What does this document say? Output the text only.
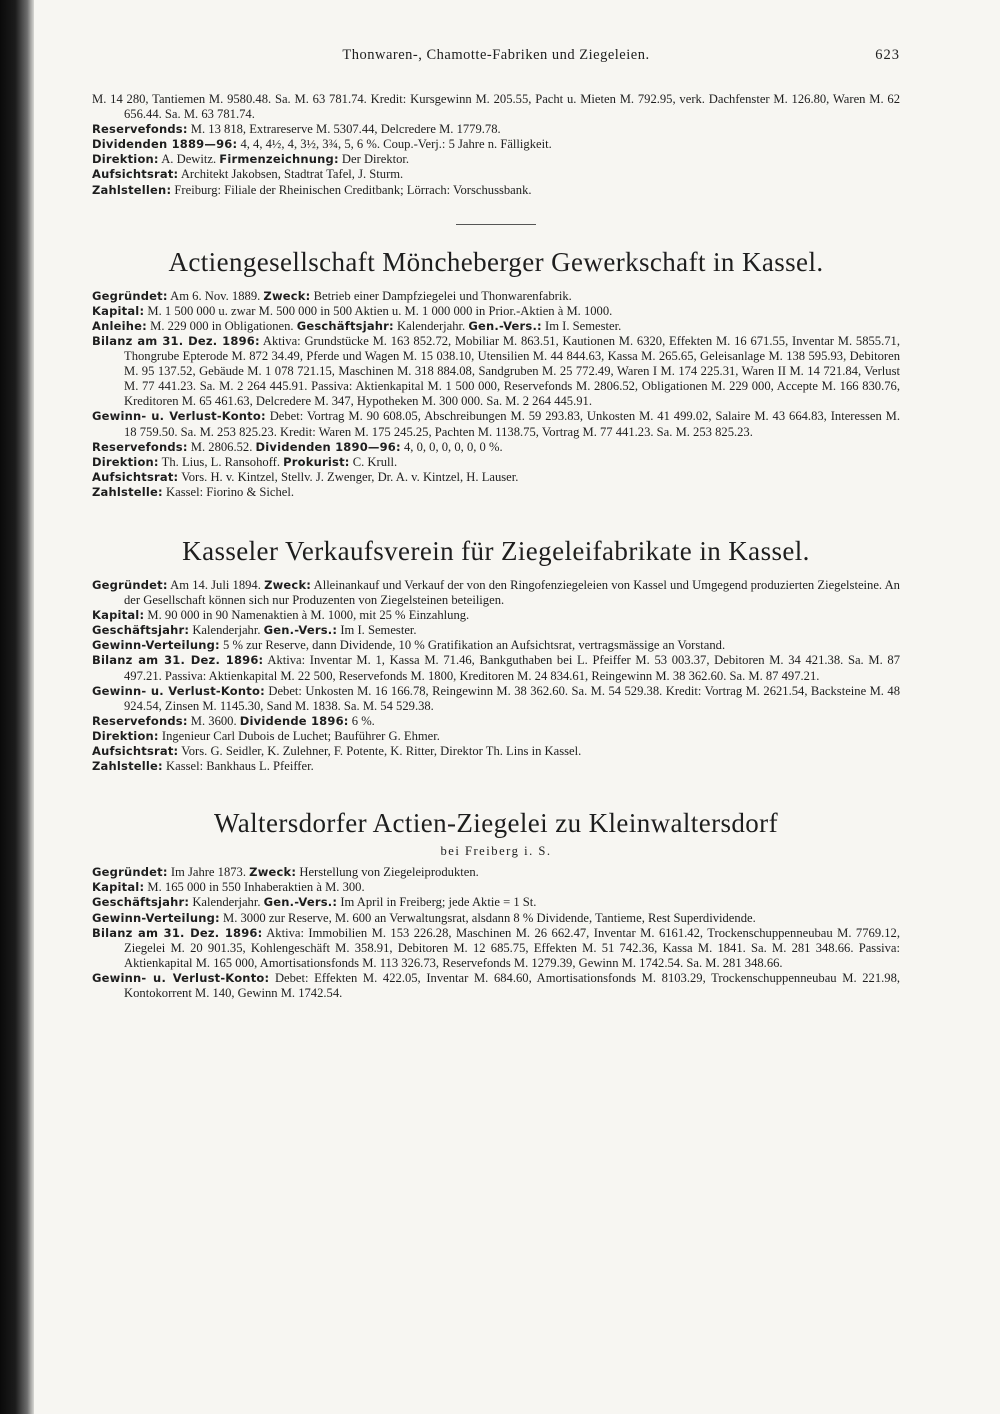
Thonwaren-, Chamotte-Fabriken und Ziegeleien.	623

M. 14 280, Tantiemen M. 9580.48. Sa. M. 63 781.74. Kredit: Kursgewinn M. 205.55, Pacht u. Mieten M. 792.95, verk. Dachfenster M. 126.80, Waren M. 62 656.44. Sa. M. 63 781.74.

Reservefonds: M. 13 818, Extrareserve M. 5307.44, Delcredere M. 1779.78.

Dividenden 1889—96: 4, 4, 4½, 4, 3½, 3¾, 5, 6 %. Coup.-Verj.: 5 Jahre n. Fälligkeit.

Direktion: A. Dewitz. Firmenzeichnung: Der Direktor.

Aufsichtsrat: Architekt Jakobsen, Stadtrat Tafel, J. Sturm.

Zahlstellen: Freiburg: Filiale der Rheinischen Creditbank; Lörrach: Vorschussbank.

Actiengesellschaft Möncheberger Gewerkschaft in Kassel.

Gegründet: Am 6. Nov. 1889. Zweck: Betrieb einer Dampfziegelei und Thonwarenfabrik.

Kapital: M. 1 500 000 u. zwar M. 500 000 in 500 Aktien u. M. 1 000 000 in Prior.-Aktien à M. 1000.

Anleihe: M. 229 000 in Obligationen. Geschäftsjahr: Kalenderjahr. Gen.-Vers.: Im I. Semester.

Bilanz am 31. Dez. 1896: Aktiva: Grundstücke M. 163 852.72, Mobiliar M. 863.51, Kautionen M. 6320, Effekten M. 16 671.55, Inventar M. 5855.71, Thongrube Epterode M. 872 34.49, Pferde und Wagen M. 15 038.10, Utensilien M. 44 844.63, Kassa M. 265.65, Geleisanlage M. 138 595.93, Debitoren M. 95 137.52, Gebäude M. 1 078 721.15, Maschinen M. 318 884.08, Sandgruben M. 25 772.49, Waren I M. 174 225.31, Waren II M. 14 721.84, Verlust M. 77 441.23. Sa. M. 2 264 445.91. Passiva: Aktienkapital M. 1 500 000, Reservefonds M. 2806.52, Obligationen M. 229 000, Accepte M. 166 830.76, Kreditoren M. 65 461.63, Delcredere M. 347, Hypotheken M. 300 000. Sa. M. 2 264 445.91.

Gewinn- u. Verlust-Konto: Debet: Vortrag M. 90 608.05, Abschreibungen M. 59 293.83, Unkosten M. 41 499.02, Salaire M. 43 664.83, Interessen M. 18 759.50. Sa. M. 253 825.23. Kredit: Waren M. 175 245.25, Pachten M. 1138.75, Vortrag M. 77 441.23. Sa. M. 253 825.23.

Reservefonds: M. 2806.52. Dividenden 1890—96: 4, 0, 0, 0, 0, 0, 0 %.

Direktion: Th. Lius, L. Ransohoff. Prokurist: C. Krull.

Aufsichtsrat: Vors. H. v. Kintzel, Stellv. J. Zwenger, Dr. A. v. Kintzel, H. Lauser.

Zahlstelle: Kassel: Fiorino & Sichel.

Kasseler Verkaufsverein für Ziegeleifabrikate in Kassel.

Gegründet: Am 14. Juli 1894. Zweck: Alleinankauf und Verkauf der von den Ringofenziegeleien von Kassel und Umgegend produzierten Ziegelsteine. An der Gesellschaft können sich nur Produzenten von Ziegelsteinen beteiligen.

Kapital: M. 90 000 in 90 Namenaktien à M. 1000, mit 25 % Einzahlung.

Geschäftsjahr: Kalenderjahr. Gen.-Vers.: Im I. Semester.

Gewinn-Verteilung: 5 % zur Reserve, dann Dividende, 10 % Gratifikation an Aufsichtsrat, vertragsmässige an Vorstand.

Bilanz am 31. Dez. 1896: Aktiva: Inventar M. 1, Kassa M. 71.46, Bankguthaben bei L. Pfeiffer M. 53 003.37, Debitoren M. 34 421.38. Sa. M. 87 497.21. Passiva: Aktienkapital M. 22 500, Reservefonds M. 1800, Kreditoren M. 24 834.61, Reingewinn M. 38 362.60. Sa. M. 87 497.21.

Gewinn- u. Verlust-Konto: Debet: Unkosten M. 16 166.78, Reingewinn M. 38 362.60. Sa. M. 54 529.38. Kredit: Vortrag M. 2621.54, Backsteine M. 48 924.54, Zinsen M. 1145.30, Sand M. 1838. Sa. M. 54 529.38.

Reservefonds: M. 3600. Dividende 1896: 6 %.

Direktion: Ingenieur Carl Dubois de Luchet; Bauführer G. Ehmer.

Aufsichtsrat: Vors. G. Seidler, K. Zulehner, F. Potente, K. Ritter, Direktor Th. Lins in Kassel.

Zahlstelle: Kassel: Bankhaus L. Pfeiffer.

Waltersdorfer Actien-Ziegelei zu Kleinwaltersdorf
bei Freiberg i. S.

Gegründet: Im Jahre 1873. Zweck: Herstellung von Ziegeleiprodukten.

Kapital: M. 165 000 in 550 Inhaberaktien à M. 300.

Geschäftsjahr: Kalenderjahr. Gen.-Vers.: Im April in Freiberg; jede Aktie = 1 St.

Gewinn-Verteilung: M. 3000 zur Reserve, M. 600 an Verwaltungsrat, alsdann 8 % Dividende, Tantieme, Rest Superdividende.

Bilanz am 31. Dez. 1896: Aktiva: Immobilien M. 153 226.28, Maschinen M. 26 662.47, Inventar M. 6161.42, Trockenschuppenneubau M. 7769.12, Ziegelei M. 20 901.35, Kohlengeschäft M. 358.91, Debitoren M. 12 685.75, Effekten M. 51 742.36, Kassa M. 1841. Sa. M. 281 348.66. Passiva: Aktienkapital M. 165 000, Amortisationsfonds M. 113 326.73, Reservefonds M. 1279.39, Gewinn M. 1742.54. Sa. M. 281 348.66.

Gewinn- u. Verlust-Konto: Debet: Effekten M. 422.05, Inventar M. 684.60, Amortisationsfonds M. 8103.29, Trockenschuppenneubau M. 221.98, Kontokorrent M. 140, Gewinn M. 1742.54.
